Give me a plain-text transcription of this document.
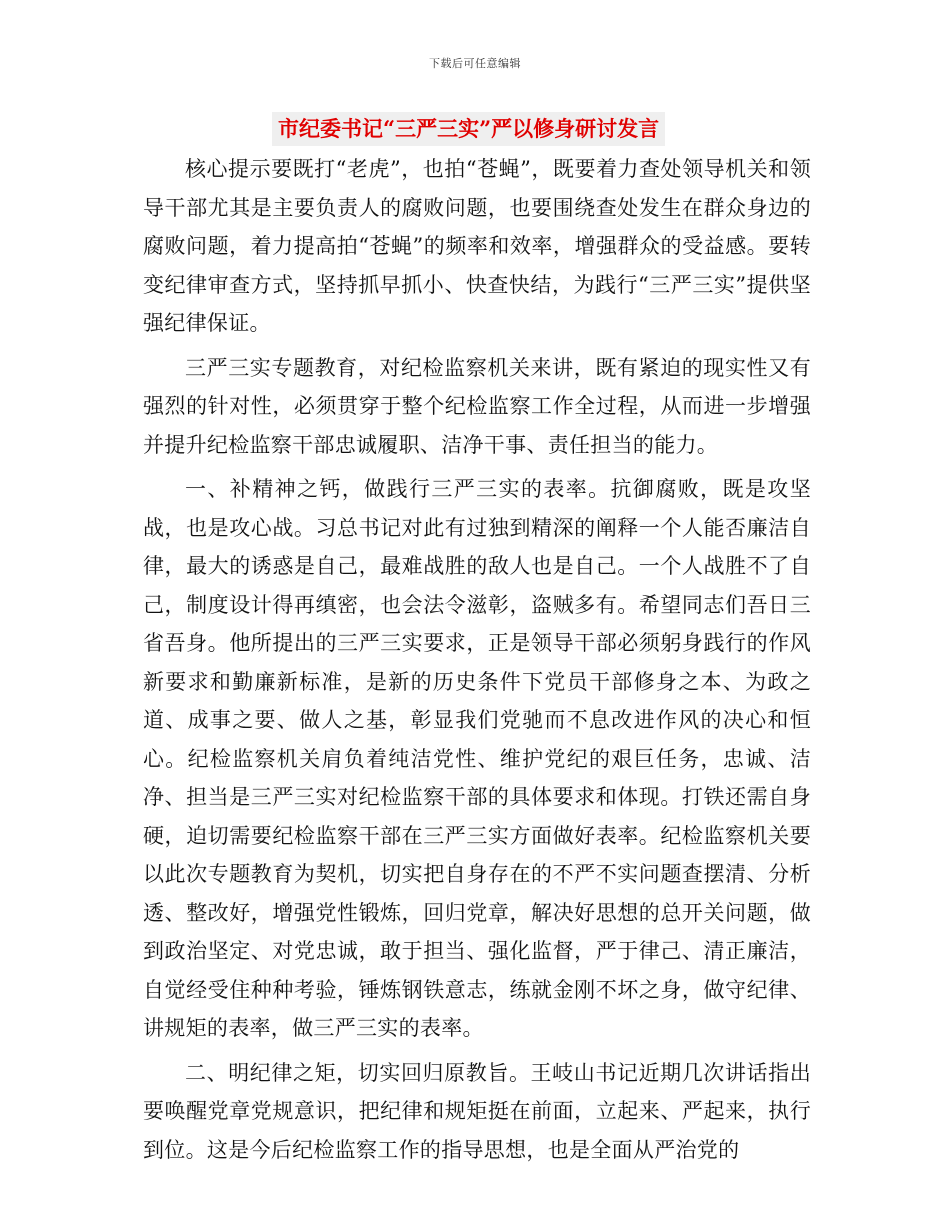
下载后可任意编辑
市纪委书记“三严三实”严以修身研讨发言

核心提示要既打“老虎”，也拍“苍蝇”，既要着力查处领导机关和领导干部尤其是主要负责人的腐败问题，也要围绕查处发生在群众身边的腐败问题，着力提高拍“苍蝇”的频率和效率，增强群众的受益感。要转变纪律审查方式，坚持抓早抓小、快查快结，为践行“三严三实”提供坚强纪律保证。

三严三实专题教育，对纪检监察机关来讲，既有紧迫的现实性又有强烈的针对性，必须贯穿于整个纪检监察工作全过程，从而进一步增强并提升纪检监察干部忠诚履职、洁净干事、责任担当的能力。

一、补精神之钙，做践行三严三实的表率。抗御腐败，既是攻坚战，也是攻心战。习总书记对此有过独到精深的阐释一个人能否廉洁自律，最大的诱惑是自己，最难战胜的敌人也是自己。一个人战胜不了自己，制度设计得再缜密，也会法令滋彰，盗贼多有。希望同志们吾日三省吾身。他所提出的三严三实要求，正是领导干部必须躬身践行的作风新要求和勤廉新标准，是新的历史条件下党员干部修身之本、为政之道、成事之要、做人之基，彰显我们党驰而不息改进作风的决心和恒心。纪检监察机关肩负着纯洁党性、维护党纪的艰巨任务，忠诚、洁净、担当是三严三实对纪检监察干部的具体要求和体现。打铁还需自身硬，迫切需要纪检监察干部在三严三实方面做好表率。纪检监察机关要以此次专题教育为契机，切实把自身存在的不严不实问题查摆清、分析透、整改好，增强党性锻炼，回归党章，解决好思想的总开关问题，做到政治坚定、对党忠诚，敢于担当、强化监督，严于律己、清正廉洁，自觉经受住种种考验，锤炼钢铁意志，练就金刚不坏之身，做守纪律、讲规矩的表率，做三严三实的表率。

二、明纪律之矩，切实回归原教旨。王岐山书记近期几次讲话指出要唤醒党章党规意识，把纪律和规矩挺在前面，立起来、严起来，执行到位。这是今后纪检监察工作的指导思想，也是全面从严治党的
